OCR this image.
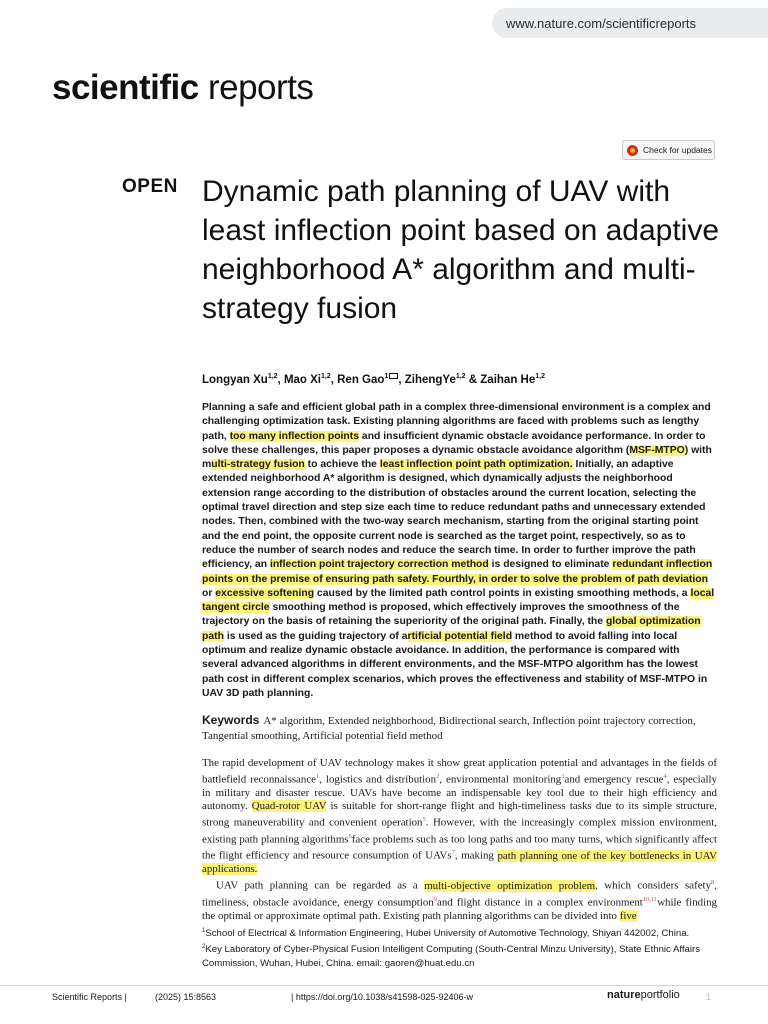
www.nature.com/scientificreports
scientific reports
Check for updates
OPEN Dynamic path planning of UAV with least inflection point based on adaptive neighborhood A* algorithm and multi-strategy fusion
Longyan Xu$^{1,2}$, Mao Xi$^{1,2}$, Ren Gao$^1$ , ZihengYe$^{1,2}$ & Zaihan He$^{1,2}$

Planning a safe and efficient global path in a complex three-dimensional environment is a complex and challenging optimization task. Existing planning algorithms are faced with problems such as lengthy path, too many inflection points and insufficient dynamic obstacle avoidance performance. In order to solve these challenges, this paper proposes a dynamic obstacle avoidance algorithm (MSF-MTPO) with multi-strategy fusion to achieve the least inflection point path optimization. Initially, an adaptive extended neighborhood A* algorithm is designed, which dynamically adjusts the neighborhood extension range according to the distribution of obstacles around the current location, selecting the optimal travel direction and step size each time to reduce redundant paths and unnecessary extended nodes. Then, combined with the two-way search mechanism, starting from the original starting point and the end point, the opposite current node is searched as the target point, respectively, so as to reduce the number of search nodes and reduce the search time. In order to further improve the path efficiency, an inflection point trajectory correction method is designed to eliminate redundant inflection points on the premise of ensuring path safety. Fourthly, in order to solve the problem of path deviation or excessive softening caused by the limited path control points in existing smoothing methods, a local tangent circle smoothing method is proposed, which effectively improves the smoothness of the trajectory on the basis of retaining the superiority of the original path. Finally, the global optimization path is used as the guiding trajectory of artificial potential field method to avoid falling into local optimum and realize dynamic obstacle avoidance. In addition, the performance is compared with several advanced algorithms in different environments, and the MSF-MTPO algorithm has the lowest path cost in different complex scenarios, which proves the effectiveness and stability of MSF-MTPO in UAV 3D path planning.

Keywords A* algorithm, Extended neighborhood, Bidirectional search, Inflection point trajectory correction, Tangential smoothing, Artificial potential field method

The rapid development of UAV technology makes it show great application potential and advantages in the fields of battlefield reconnaissance$^1$, logistics and distribution$^2$, environmental monitoring$^3$and emergency rescue$^4$, especially in military and disaster rescue. UAVs have become an indispensable key tool due to their high efficiency and autonomy. Quad-rotor UAV is suitable for short-range flight and high-timeliness tasks due to its simple structure, strong maneuverability and convenient operation$^5$. However, with the increasingly complex mission environment, existing path planning algorithms$^6$face problems such as too long paths and too many turns, which significantly affect the flight efficiency and resource consumption of UAVs$^7$, making path planning one of the key bottlenecks in UAV applications.

UAV path planning can be regarded as a multi-objective optimization problem, which considers safety$^8$, timeliness, obstacle avoidance, energy consumption$^9$and flight distance in a complex environment$^{10,11}$while finding the optimal or approximate optimal path. Existing path planning algorithms can be divided into five

$^1$School of Electrical & Information Engineering, Hubei University of Automotive Technology, Shiyan 442002, China.
$^2$Key Laboratory of Cyber-Physical Fusion Intelligent Computing (South-Central Minzu University), State Ethnic Affairs Commission, Wuhan, Hubei, China. email: gaoren@huat.edu.cn
Scientific Reports |	(2025) 15:8563	| https://doi.org/10.1038/s41598-025-92406-w	natureportfolio	1
